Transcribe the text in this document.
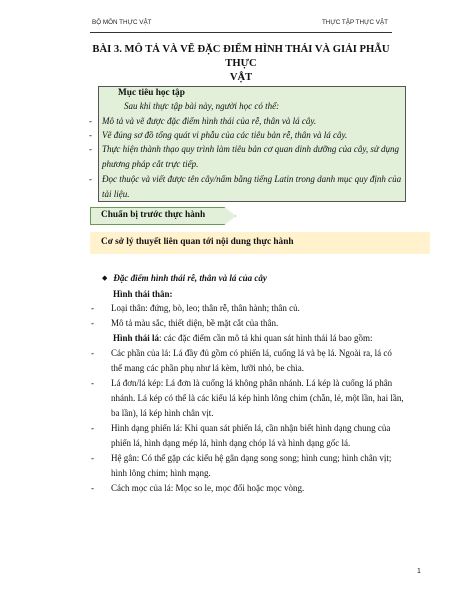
BỘ MÔN THỰC VẬT	THỰC TẬP THỰC VẬT
BÀI 3. MÔ TẢ VÀ VẼ ĐẶC ĐIỂM HÌNH THÁI VÀ GIẢI PHẪU THỰC
VẬT
Mục tiêu học tập
Sau khi thực tập bài này, người học có thể:
-	Mô tả và vẽ được đặc điểm hình thái của rễ, thân và lá cây.
-	Vẽ đúng sơ đồ tổng quát vi phẫu của các tiêu bản rễ, thân và lá cây.
-	Thực hiện thành thạo quy trình làm tiêu bản cơ quan dinh dưỡng của cây, sử dụng phương pháp cắt trực tiếp.
-	Đọc thuộc và viết được tên cây/nấm bằng tiếng Latin trong danh mục quy định của tài liệu.
Chuẩn bị trước thực hành
Cơ sở lý thuyết liên quan tới nội dung thực hành
◆ Đặc điểm hình thái rễ, thân và lá của cây
Hình thái thân:
-	Loại thân: đứng, bò, leo; thân rễ, thân hành; thân củ.
-	Mô tả màu sắc, thiết diện, bề mặt cắt của thân.
Hình thái lá: các đặc điểm cần mô tả khi quan sát hình thái lá bao gồm:
-	Các phần của lá: Lá đầy đủ gồm có phiến lá, cuống lá và bẹ lá. Ngoài ra, lá có thể mang các phần phụ như lá kèm, lưỡi nhỏ, be chìa.
-	Lá đơn/lá kép: Lá đơn là cuống lá không phân nhánh. Lá kép là cuống lá phân nhánh. Lá kép có thể là các kiểu lá kép hình lông chim (chẵn, lẻ, một lần, hai lần, ba lần), lá kép hình chân vịt.
-	Hình dạng phiến lá: Khi quan sát phiến lá, cần nhận biết hình dạng chung của phiến lá, hình dạng mép lá, hình dạng chóp lá và hình dạng gốc lá.
-	Hệ gân: Có thể gặp các kiểu hệ gân dạng song song; hình cung; hình chân vịt; hình lông chim; hình mạng.
-	Cách mọc của lá: Mọc so le, mọc đối hoặc mọc vòng.
1
